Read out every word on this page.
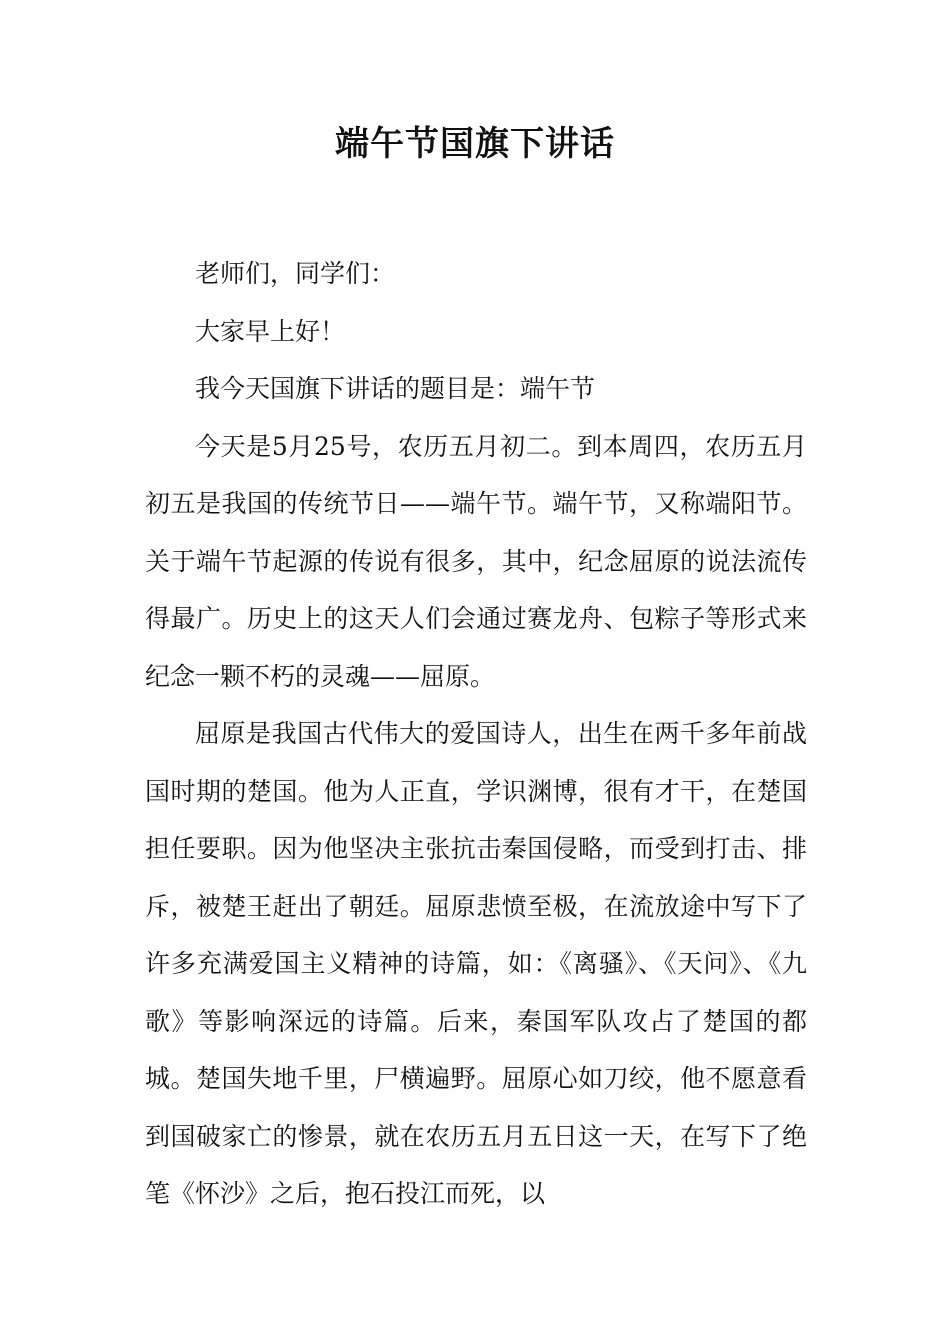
端午节国旗下讲话

老师们，同学们：

大家早上好！

我今天国旗下讲话的题目是：端午节

今天是5月25号，农历五月初二。到本周四，农历五月初五是我国的传统节日——端午节。端午节，又称端阳节。关于端午节起源的传说有很多，其中，纪念屈原的说法流传得最广。历史上的这天人们会通过赛龙舟、包粽子等形式来纪念一颗不朽的灵魂——屈原。

屈原是我国古代伟大的爱国诗人，出生在两千多年前战国时期的楚国。他为人正直，学识渊博，很有才干，在楚国担任要职。因为他坚决主张抗击秦国侵略，而受到打击、排斥，被楚王赶出了朝廷。屈原悲愤至极，在流放途中写下了许多充满爱国主义精神的诗篇，如：《离骚》、《天问》、《九歌》等影响深远的诗篇。后来，秦国军队攻占了楚国的都城。楚国失地千里，尸横遍野。屈原心如刀绞，他不愿意看到国破家亡的惨景，就在农历五月五日这一天，在写下了绝笔《怀沙》之后，抱石投江而死，以
